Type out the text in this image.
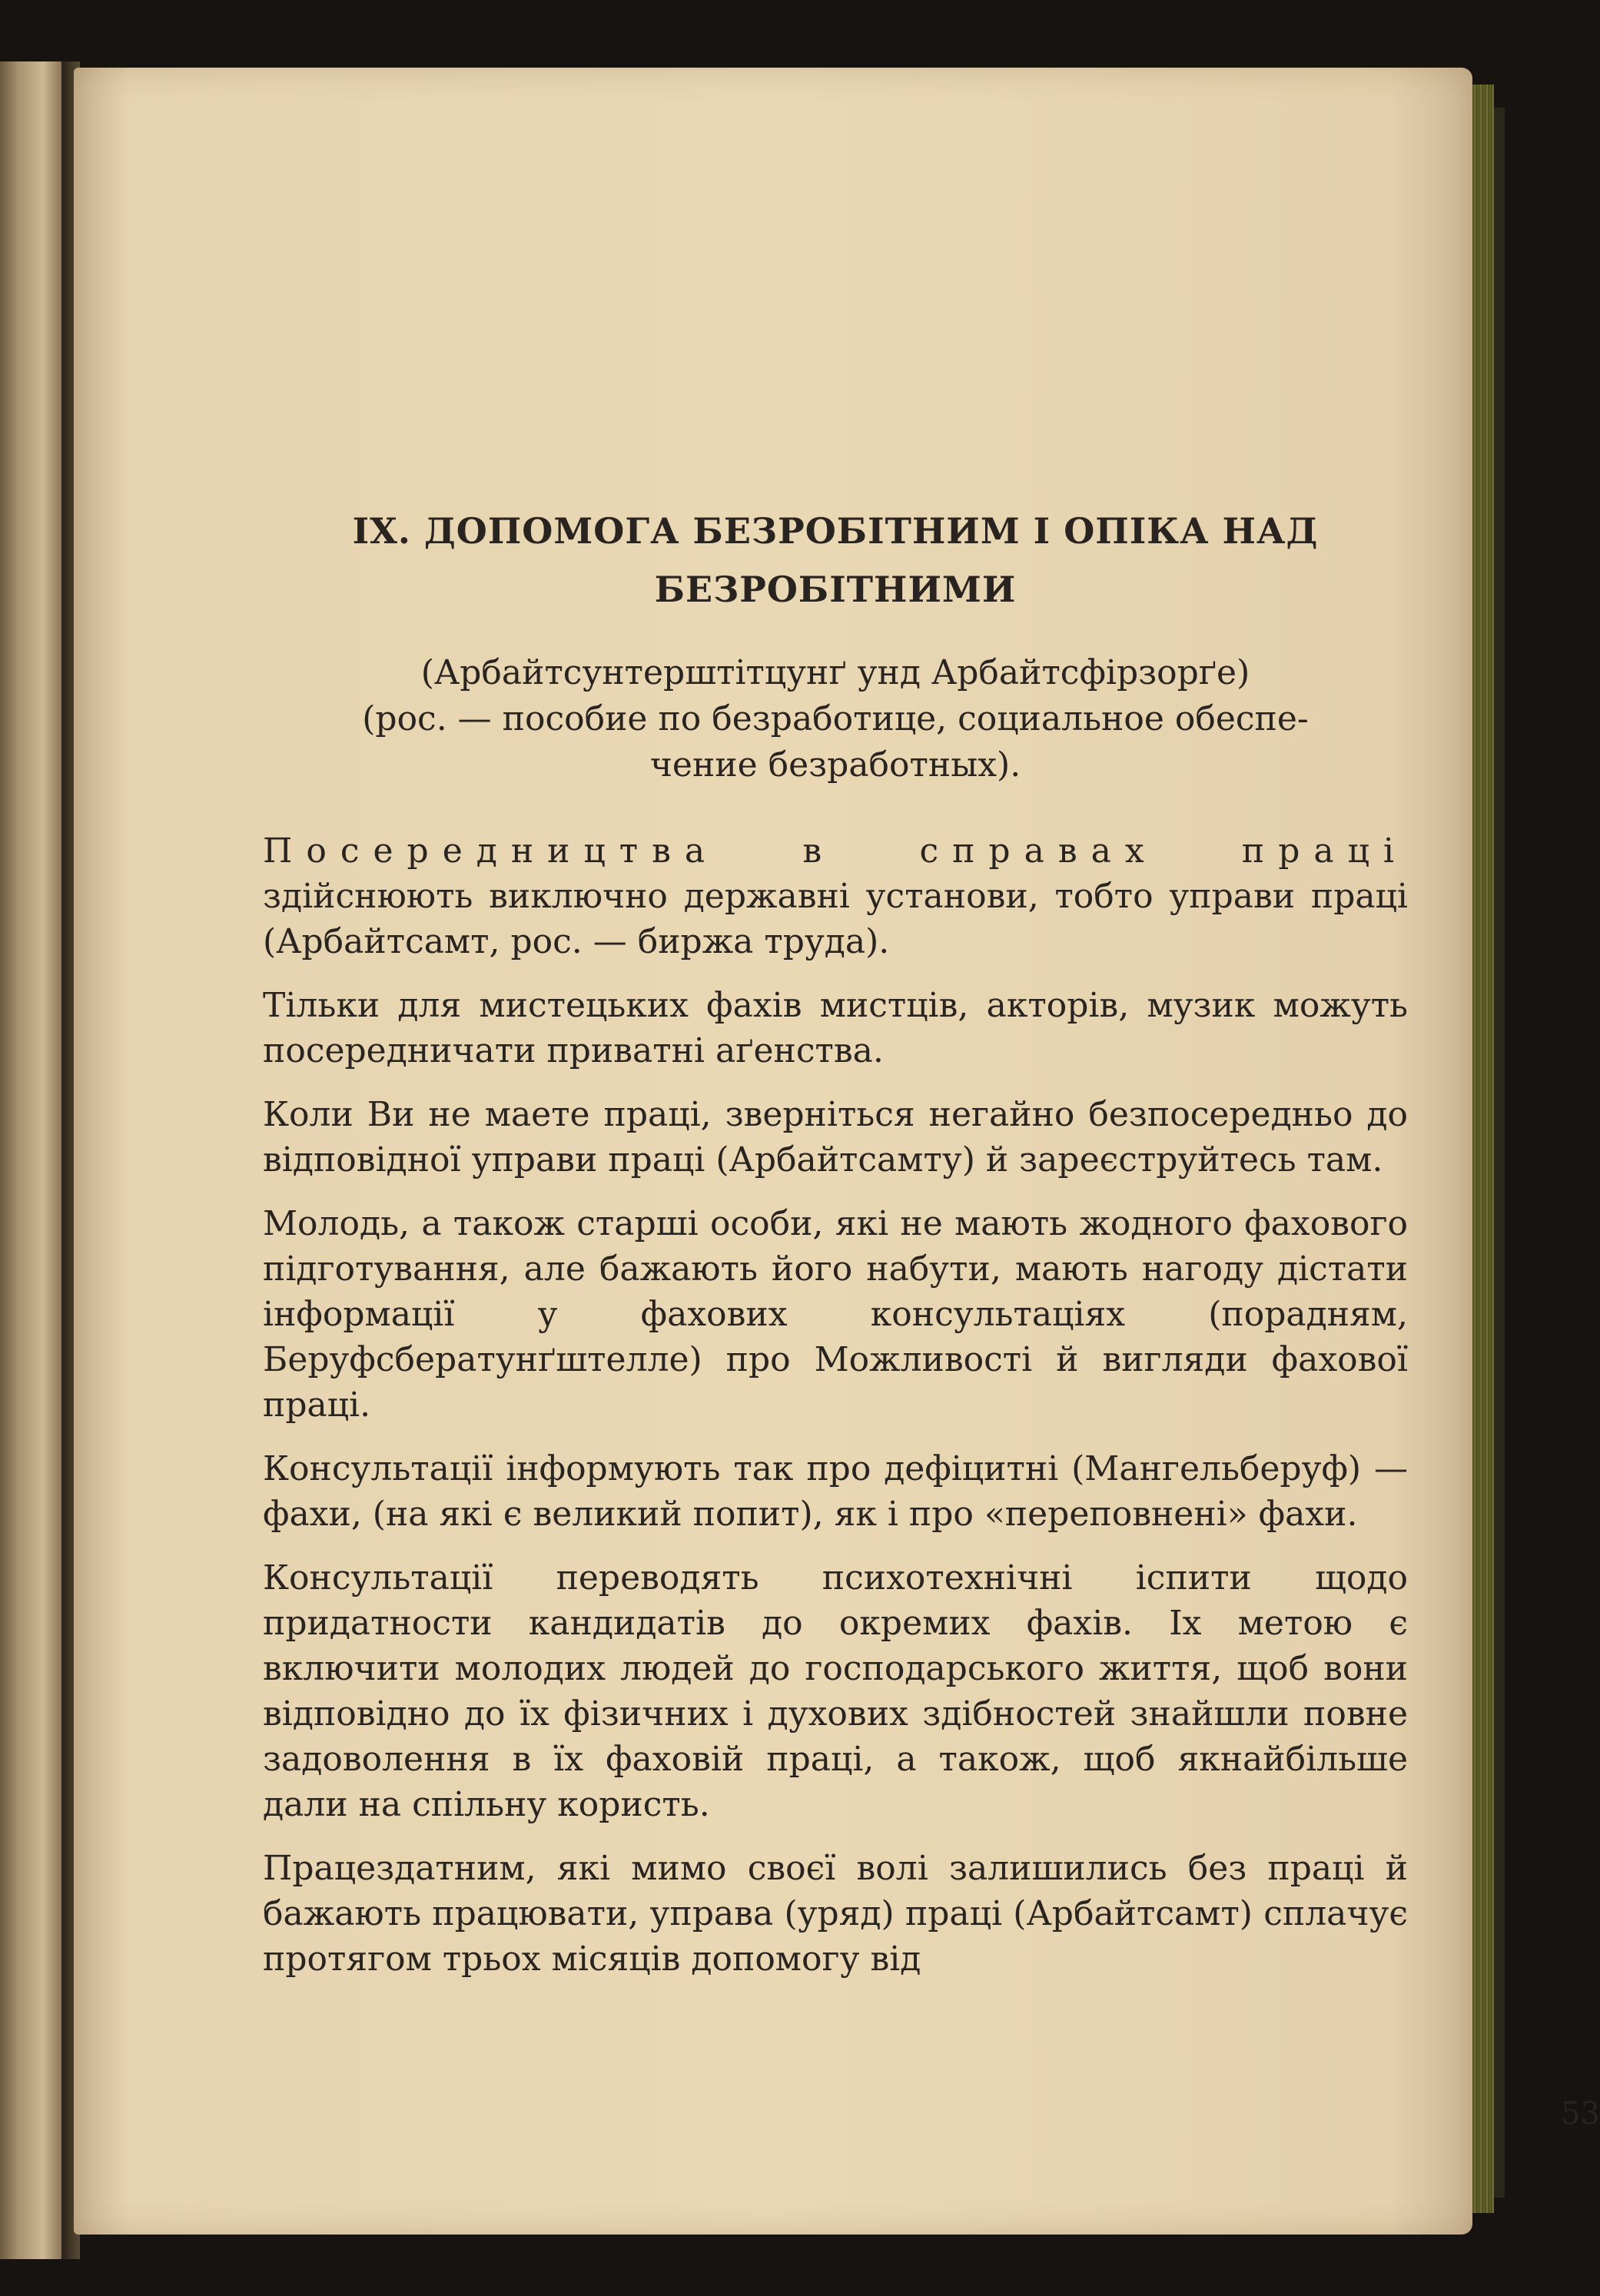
IX. ДОПОМОГА БЕЗРОБІТНИМ І ОПІКА НАД
БЕЗРОБІТНИМИ

(Арбайтсунтерштітцунґ унд Арбайтсфірзорґе)
(рос. — пособие по безработице, социальное обеспе-
чение безработных).

Посередництва в справах праці здійснюють виключно державні установи, тобто управи праці (Арбайтсамт, рос. — биржа труда).

Тільки для мистецьких фахів мистців, акторів, музик можуть посередничати приватні аґенства.

Коли Ви не маете праці, зверніться негайно безпосередньо до відповідної управи праці (Арбайтсамту) й зареєструйтесь там.

Молодь, а також старші особи, які не мають жодного фахового підготування, але бажають його набути, мають нагоду дістати інформації у фахових консультаціях (порадням, Беруфсбератунґштелле) про Можливості й вигляди фахової праці.

Консультації інформують так про дефіцитні (Мангельберуф) — фахи, (на які є великий попит), як і про «переповнені» фахи.

Консультації переводять психотехнічні іспити щодо придатности кандидатів до окремих фахів. Іх метою є включити молодих людей до господарського життя, щоб вони відповідно до їх фізичних і духових здібностей знайшли повне задоволення в їх фаховій праці, а також, щоб якнайбільше дали на спільну користь.

Працездатним, які мимо своєї волі залишились без праці й бажають працювати, управа (уряд) праці (Арбайтсамт) сплачує протягом трьох місяців допомогу від

53
